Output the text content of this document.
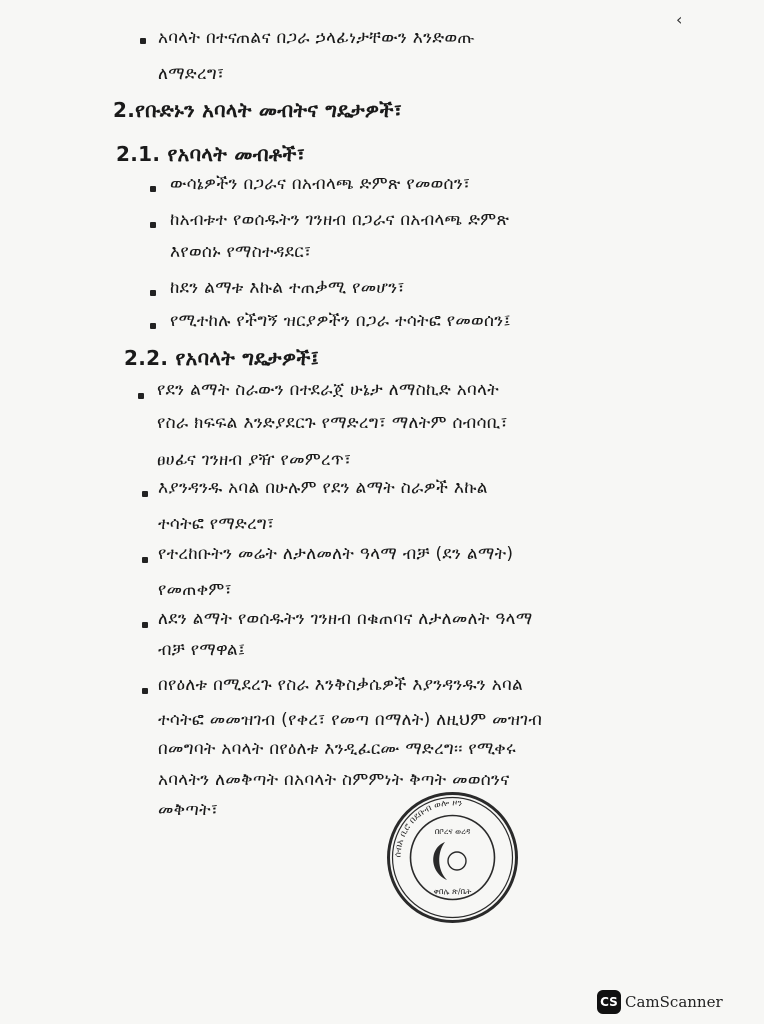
‹
አባላት በተናጠልና በጋራ ኃላፊነታቸውን እንድወጡ
ለማድረግ፣
2.የቡድኑን አባላት መብትና ግዴታዎች፣
2.1. የአባላት መብቶች፣
ውሳኔዎችን በጋራና በአብላጫ ድምጽ የመወሰን፣
ከአብቱተ የወሰዱትን ገንዘብ በጋራና በአብላጫ ድምጽ
እየወሰኑ የማስተዳደር፣
ከደን ልማቱ እኩል ተጠቃሚ የመሆን፣
የሚተከሉ የችግኝ ዝርያዎችን በጋራ ተሳትፎ የመወሰን፤
2.2. የአባላት ግዴታዎች፤
የደን ልማት ስራውን በተደራጀ ሁኔታ ለማስኪድ አባላት
የስራ ክፍፍል እንድያደርጉ የማድረግ፣ ማለትም ሰብሳቢ፣
ፀሀፊና ገንዘብ ያዥ የመምረጥ፣
እያንዳንዱ አባል በሁሉም የደን ልማት ስራዎች እኩል
ተሳትፎ የማድረግ፣
የተረከቡትን መሬት ለታለመለት ዓላማ ብቻ (ደን ልማት)
የመጠቀም፣
ለደን ልማት የወሰዱትን ገንዘብ በቁጠባና ለታለመለት ዓላማ
ብቻ የማዋል፤
በየዕለቱ በሚደረጉ የስራ እንቅስቃሴዎች እያንዳንዱን አባል
ተሳትፎ መመዝገብ (የቀረ፣ የመጣ በማለት) ለዚህም መዝገብ
በመግባት አባላት በየዕለቱ እንዲፈርሙ ማድረግ፡፡ የሚቀሩ
አባላትን ለመቅጣት በአባላት ስምምነት ቅጣት መወሰንና
መቅጣት፣
ሰብአ ቢሮ በደቡብ ወሎ ዞን
በቦረና ወረዳ
ቀበሌ ጽ/ቤት
CS CamScanner
